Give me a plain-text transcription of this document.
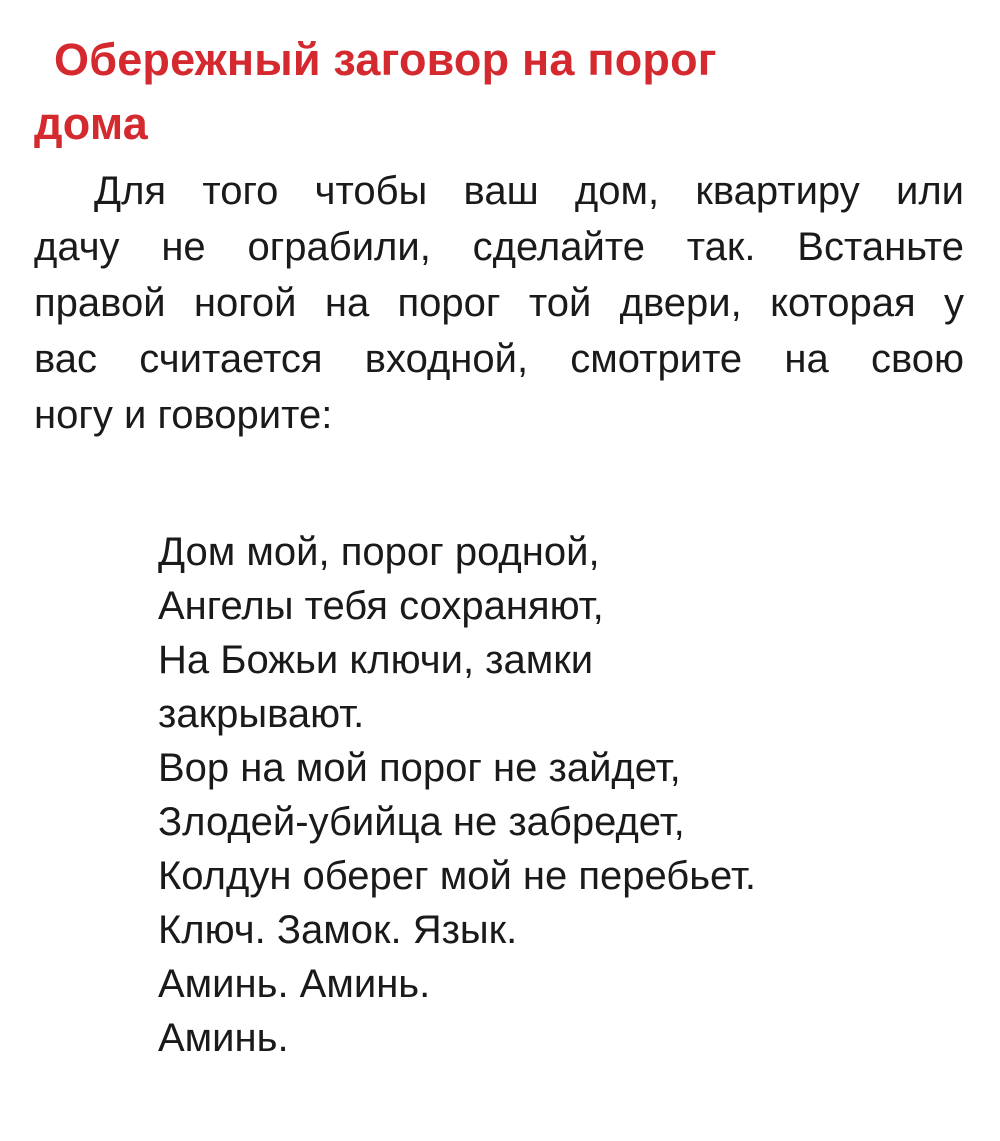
Обережный заговор на порог
дома
Для того чтобы ваш дом, квартиру или
дачу не ограбили, сделайте так. Встаньте
правой ногой на порог той двери, которая у
вас считается входной, смотрите на свою
ногу и говорите:
Дом мой, порог родной,
Ангелы тебя сохраняют,
На Божьи ключи, замки
закрывают.
Вор на мой порог не зайдет,
Злодей-убийца не забредет,
Колдун оберег мой не перебьет.
Ключ. Замок. Язык.
Аминь. Аминь.
Аминь.
